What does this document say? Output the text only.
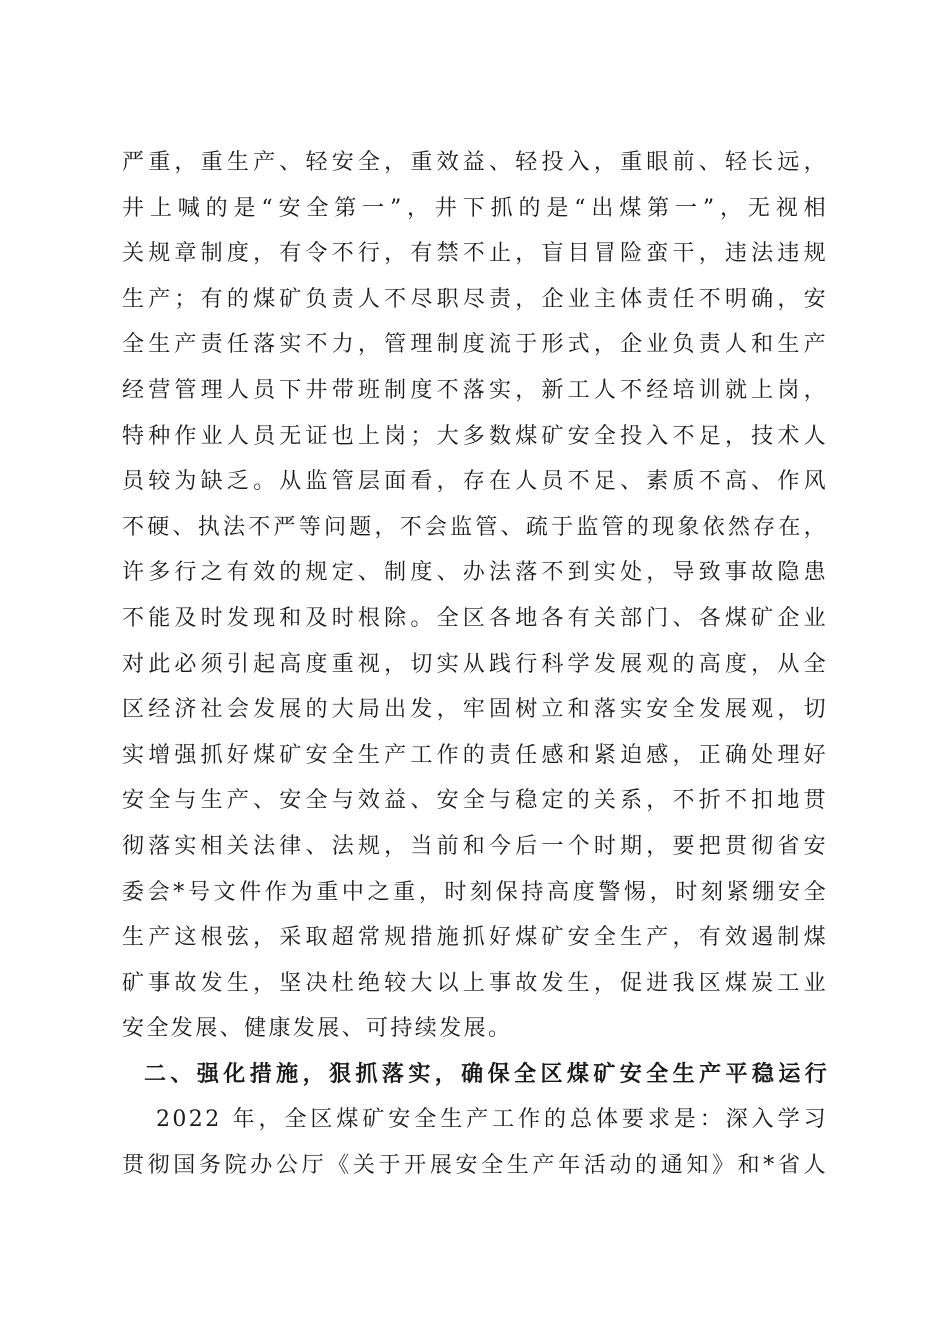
严重，重生产、轻安全，重效益、轻投入，重眼前、轻长远，
井上喊的是“安全第一”，井下抓的是“出煤第一”，无视相
关规章制度，有令不行，有禁不止，盲目冒险蛮干，违法违规
生产；有的煤矿负责人不尽职尽责，企业主体责任不明确，安
全生产责任落实不力，管理制度流于形式，企业负责人和生产
经营管理人员下井带班制度不落实，新工人不经培训就上岗，
特种作业人员无证也上岗；大多数煤矿安全投入不足，技术人
员较为缺乏。从监管层面看，存在人员不足、素质不高、作风
不硬、执法不严等问题，不会监管、疏于监管的现象依然存在，
许多行之有效的规定、制度、办法落不到实处，导致事故隐患
不能及时发现和及时根除。全区各地各有关部门、各煤矿企业
对此必须引起高度重视，切实从践行科学发展观的高度，从全
区经济社会发展的大局出发，牢固树立和落实安全发展观，切
实增强抓好煤矿安全生产工作的责任感和紧迫感，正确处理好
安全与生产、安全与效益、安全与稳定的关系，不折不扣地贯
彻落实相关法律、法规，当前和今后一个时期，要把贯彻省安
委会*号文件作为重中之重，时刻保持高度警惕，时刻紧绷安全
生产这根弦，采取超常规措施抓好煤矿安全生产，有效遏制煤
矿事故发生，坚决杜绝较大以上事故发生，促进我区煤炭工业
安全发展、健康发展、可持续发展。
二、强化措施，狠抓落实，确保全区煤矿安全生产平稳运行
2022 年，全区煤矿安全生产工作的总体要求是：深入学习
贯彻国务院办公厅《关于开展安全生产年活动的通知》和*省人
